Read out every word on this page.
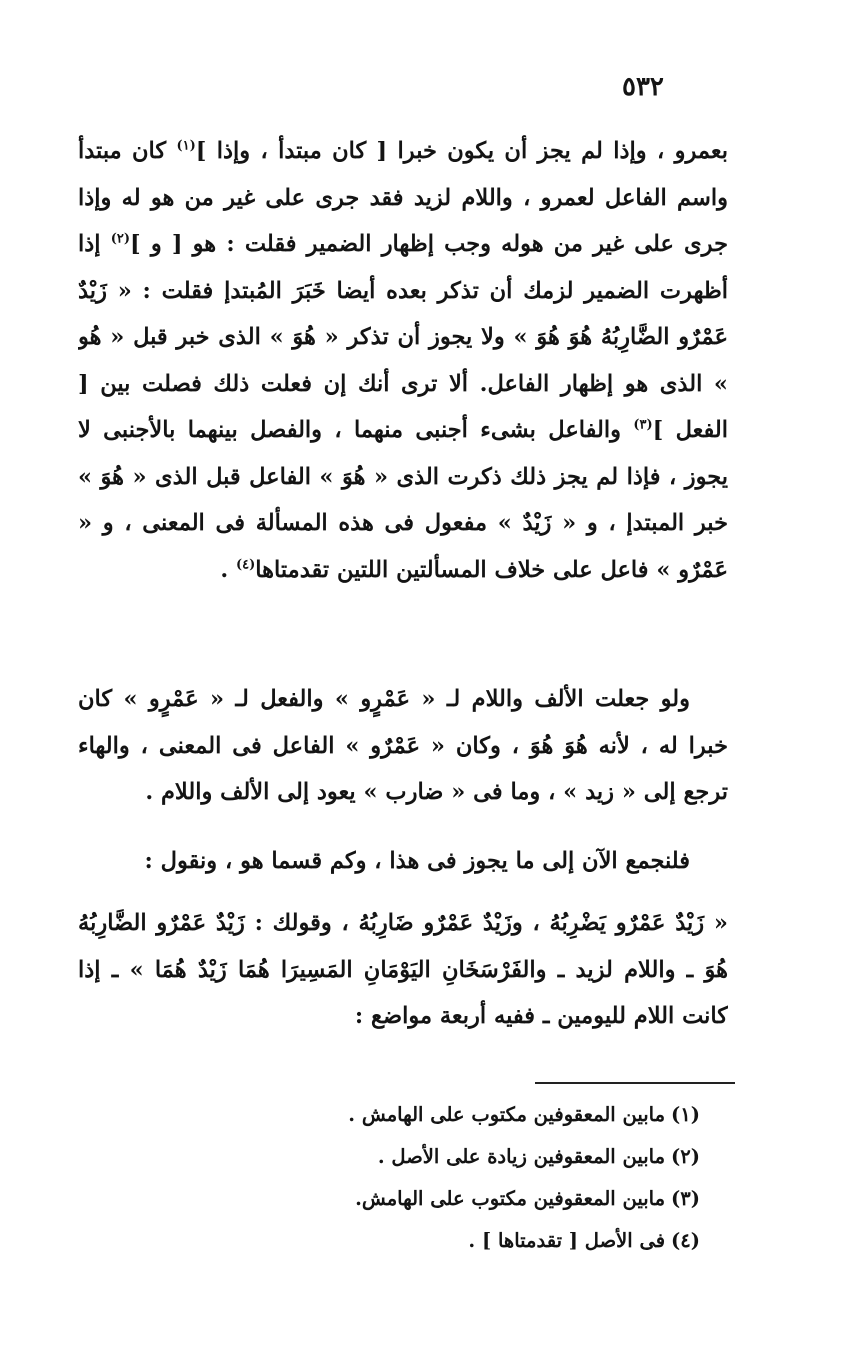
٥٣٢

بعمرو ، وإذا لم يجز أن يكون خبرا [ كان مبتدأ ، وإذا ]$^{(١)}$ كان مبتدأ واسم الفاعل لعمرو ، واللام لزيد فقد جرى على غير من هو له وإذا جرى على غير من هوله وجب إظهار الضمير فقلت : هو [ و ]$^{(٢)}$ إذا أظهرت الضمير لزمك أن تذكر بعده أيضا خَبَرَ المُبتدإ فقلت : « زَيْدٌ عَمْرٌو الضَّارِبُهُ هُوَ هُوَ » ولا يجوز أن تذكر « هُوَ » الذى خبر قبل « هُو » الذى هو إظهار الفاعل. ألا ترى أنك إن فعلت ذلك فصلت بين [ الفعل ]$^{(٣)}$ والفاعل بشىء أجنبى منهما ، والفصل بينهما بالأجنبى لا يجوز ، فإذا لم يجز ذلك ذكرت الذى « هُوَ » الفاعل قبل الذى « هُوَ » خبر المبتدإ ، و « زَيْدٌ » مفعول فى هذه المسألة فى المعنى ، و « عَمْرٌو » فاعل على خلاف المسألتين اللتين تقدمتاها$^{(٤)}$ .

ولو جعلت الألف واللام لـ « عَمْرٍو » والفعل لـ « عَمْرٍو » كان خبرا له ، لأنه هُوَ هُوَ ، وكان « عَمْرٌو » الفاعل فى المعنى ، والهاء ترجع إلى « زيد » ، وما فى « ضارب » يعود إلى الألف واللام .

فلنجمع الآن إلى ما يجوز فى هذا ، وكم قسما هو ، ونقول :

« زَيْدٌ عَمْرٌو يَضْرِبُهُ ، وزَيْدٌ عَمْرٌو ضَارِبُهُ ، وقولك : زَيْدٌ عَمْرٌو الضَّارِبُهُ هُوَ ـ واللام لزيد ـ والفَرْسَخَانِ اليَوْمَانِ المَسِيرَا هُمَا زَيْدٌ هُمَا » ـ إذا كانت اللام لليومين ـ ففيه أربعة مواضع :

(١)مابين المعقوفين مكتوب على الهامش .

(٢)مابين المعقوفين زيادة على الأصل .

(٣)مابين المعقوفين مكتوب على الهامش.

(٤)فى الأصل [ تقدمتاها ] .
